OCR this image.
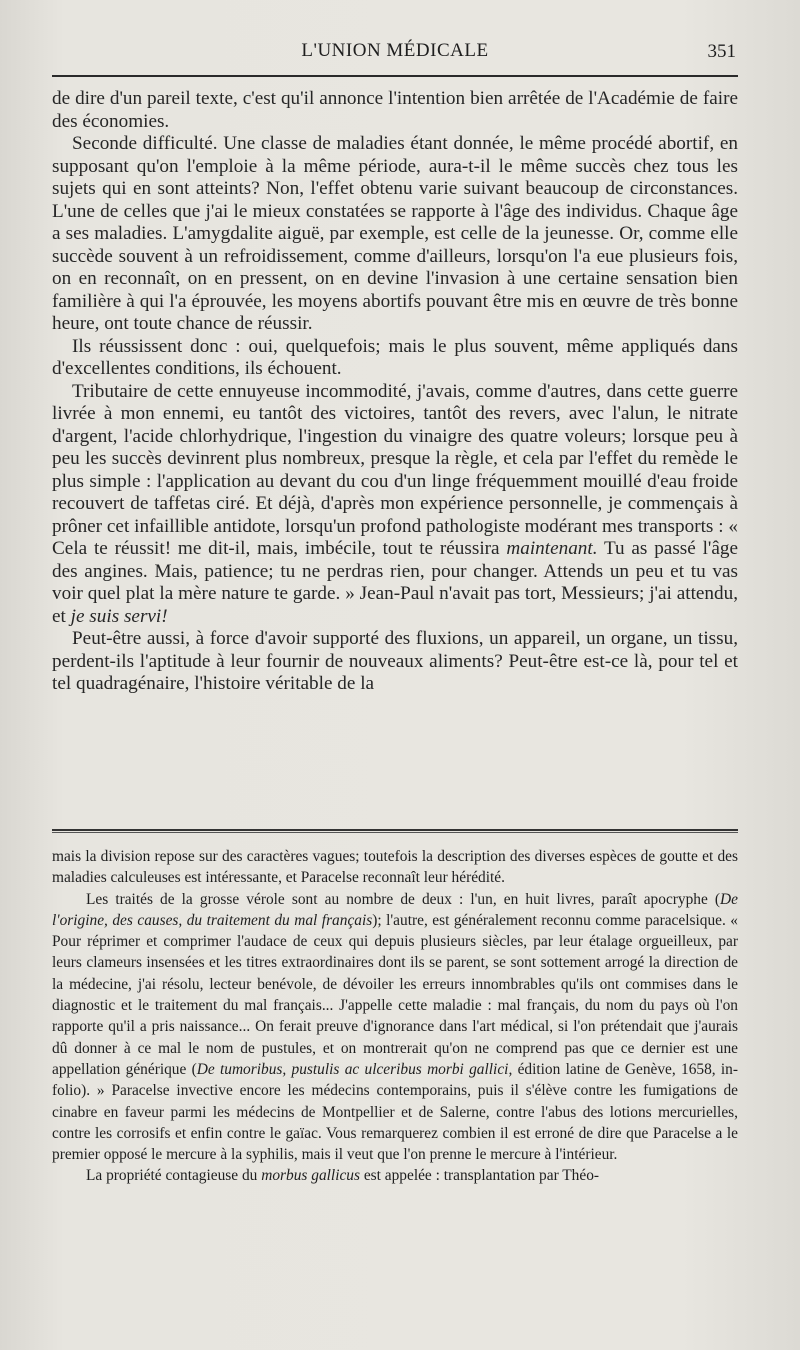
L'UNION MÉDICALE	351

de dire d'un pareil texte, c'est qu'il annonce l'intention bien arrêtée de l'Académie de faire des économies.

Seconde difficulté. Une classe de maladies étant donnée, le même procédé abortif, en supposant qu'on l'emploie à la même période, aura-t-il le même succès chez tous les sujets qui en sont atteints? Non, l'effet obtenu varie suivant beaucoup de circonstances. L'une de celles que j'ai le mieux constatées se rapporte à l'âge des individus. Chaque âge a ses maladies. L'amygdalite aiguë, par exemple, est celle de la jeunesse. Or, comme elle succède souvent à un refroidissement, comme d'ailleurs, lorsqu'on l'a eue plusieurs fois, on en reconnaît, on en pressent, on en devine l'invasion à une certaine sensation bien familière à qui l'a éprouvée, les moyens abortifs pouvant être mis en œuvre de très bonne heure, ont toute chance de réussir.

Ils réussissent donc : oui, quelquefois; mais le plus souvent, même appliqués dans d'excellentes conditions, ils échouent.

Tributaire de cette ennuyeuse incommodité, j'avais, comme d'autres, dans cette guerre livrée à mon ennemi, eu tantôt des victoires, tantôt des revers, avec l'alun, le nitrate d'argent, l'acide chlorhydrique, l'ingestion du vinaigre des quatre voleurs; lorsque peu à peu les succès devinrent plus nombreux, presque la règle, et cela par l'effet du remède le plus simple : l'application au devant du cou d'un linge fréquemment mouillé d'eau froide recouvert de taffetas ciré. Et déjà, d'après mon expérience personnelle, je commençais à prôner cet infaillible antidote, lorsqu'un profond pathologiste modérant mes transports : « Cela te réussit! me dit-il, mais, imbécile, tout te réussira maintenant. Tu as passé l'âge des angines. Mais, patience; tu ne perdras rien, pour changer. Attends un peu et tu vas voir quel plat la mère nature te garde. » Jean-Paul n'avait pas tort, Messieurs; j'ai attendu, et je suis servi!

Peut-être aussi, à force d'avoir supporté des fluxions, un appareil, un organe, un tissu, perdent-ils l'aptitude à leur fournir de nouveaux aliments? Peut-être est-ce là, pour tel et tel quadragénaire, l'histoire véritable de la

mais la division repose sur des caractères vagues; toutefois la description des diverses espèces de goutte et des maladies calculeuses est intéressante, et Paracelse reconnaît leur hérédité.

Les traités de la grosse vérole sont au nombre de deux : l'un, en huit livres, paraît apocryphe (De l'origine, des causes, du traitement du mal français); l'autre, est généralement reconnu comme paracelsique. « Pour réprimer et comprimer l'audace de ceux qui depuis plusieurs siècles, par leur étalage orgueilleux, par leurs clameurs insensées et les titres extraordinaires dont ils se parent, se sont sottement arrogé la direction de la médecine, j'ai résolu, lecteur benévole, de dévoiler les erreurs innombrables qu'ils ont commises dans le diagnostic et le traitement du mal français... J'appelle cette maladie : mal français, du nom du pays où l'on rapporte qu'il a pris naissance... On ferait preuve d'ignorance dans l'art médical, si l'on prétendait que j'aurais dû donner à ce mal le nom de pustules, et on montrerait qu'on ne comprend pas que ce dernier est une appellation générique (De tumoribus, pustulis ac ulceribus morbi gallici, édition latine de Genève, 1658, in-folio). » Paracelse invective encore les médecins contemporains, puis il s'élève contre les fumigations de cinabre en faveur parmi les médecins de Montpellier et de Salerne, contre l'abus des lotions mercurielles, contre les corrosifs et enfin contre le gaïac. Vous remarquerez combien il est erroné de dire que Paracelse a le premier opposé le mercure à la syphilis, mais il veut que l'on prenne le mercure à l'intérieur.

La propriété contagieuse du morbus gallicus est appelée : transplantation par Théo-
